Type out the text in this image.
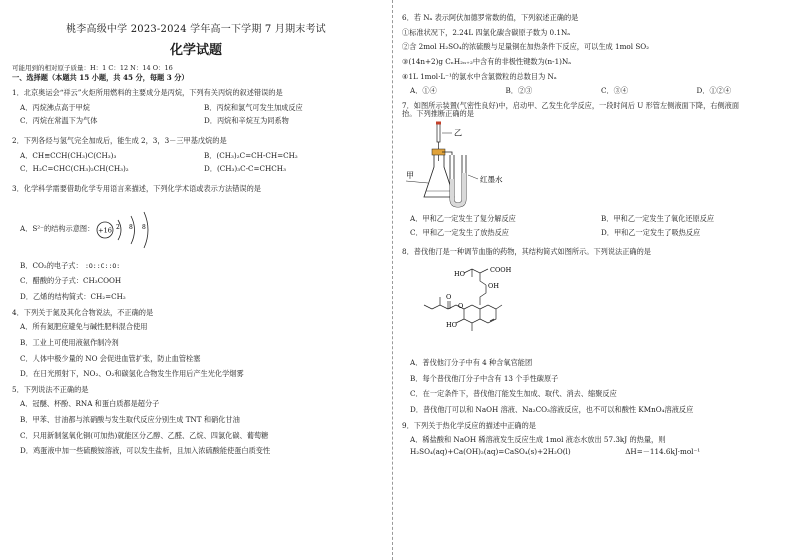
桃李高级中学 2023-2024 学年高一下学期 7 月期末考试
化学试题
可能用到的相对原子质量：H：1 C：12 N：14 O：16
一、选择题（本题共 15 小题，共 45 分，每题 3 分）
1．北京奥运会“祥云”火炬所用燃料的主要成分是丙烷，下列有关丙烷的叙述错误的是
A．丙烷沸点高于甲烷	B．丙烷和氯气可发生加成反应
C．丙烷在常温下为气体	D．丙烷和辛烷互为同系物
2．下列各烃与氢气完全加成后，能生成 2，3，3－三甲基戊烷的是
A．CH≡CCH(CH₃)C(CH₃)₃	B．(CH₃)₂C=CH-CH=CH₂
C．H₂C=CHC(CH₃)₂CH(CH₃)₂	D．(CH₃)₃C-C=CHCH₃
3．化学科学需要借助化学专用语言来描述，下列化学术语或表示方法错误的是
A．S²⁻的结构示意图： +16 2 8 8
B．CO₂的电子式： :O::C::O:
C．醋酸的分子式：CH₃COOH
D．乙烯的结构简式：CH₂=CH₂
4．下列关于氮及其化合物说法，不正确的是
A．所有氮肥应避免与碱性肥料混合使用
B．工业上可使用液氨作制冷剂
C．人体中极少量的 NO 会促进血管扩张，防止血管栓塞
D．在日光照射下，NO₂、O₂和碳氢化合物发生作用后产生光化学烟雾
5．下列说法不正确的是
A．冠醚、杯酚、RNA 和蛋白质都是超分子
B．甲苯、甘油都与浓硝酸与发生取代反应分别生成 TNT 和硝化甘油
C．只用新制氢氧化铜(可加热)就能区分乙醇、乙醛、乙烷、四氯化碳、葡萄糖
D．鸡蛋液中加一些硫酸铵溶液，可以发生盐析，且加入浓硫酸能使蛋白质变性
6．若 Nₐ 表示阿伏加德罗常数的值，下列叙述正确的是
①标准状况下，2.24L 四氯化碳含碳原子数为 0.1Nₐ
②含 2mol H₂SO₄的浓硫酸与足量铜在加热条件下反应，可以生成 1mol SO₂
③(14n+2)g CₙH₂ₙ₊₂中含有的非极性键数为(n-1)Nₐ
④1L 1mol·L⁻¹的氯水中含氯微粒的总数目为 Nₐ
A．①④	B．②③	C．③④	D．①②④
7．如图所示装置(气密性良好)中，启动甲、乙发生化学反应，一段时间后 U 形管左侧液面下降，右侧液面
抬。下列推断正确的是
乙
甲	红墨水
A．甲和乙一定发生了复分解反应	B．甲和乙一定发生了氧化还原反应
C．甲和乙一定发生了放热反应	D．甲和乙一定发生了吸热反应
8．普伐他汀是一种调节血脂的药物，其结构简式如图所示。下列说法正确的是
HO	COOH
OH
O
O
HO
A．普伐他汀分子中有 4 种含氧官能团
B．每个普伐他汀分子中含有 13 个手性碳原子
C．在一定条件下，普伐他汀能发生加成、取代、消去、缩聚反应
D．普伐他汀可以和 NaOH 溶液、Na₂CO₃溶液反应，也不可以和酸性 KMnO₄溶液反应
9．下列关于热化学反应的描述中正确的是
A．稀盐酸和 NaOH 稀溶液发生反应生成 1mol 液态水放出 57.3kJ 的热量，则
H₂SO₄(aq)+Ca(OH)₂(aq)=CaSO₄(s)+2H₂O(l)	ΔH=－114.6kJ·mol⁻¹
